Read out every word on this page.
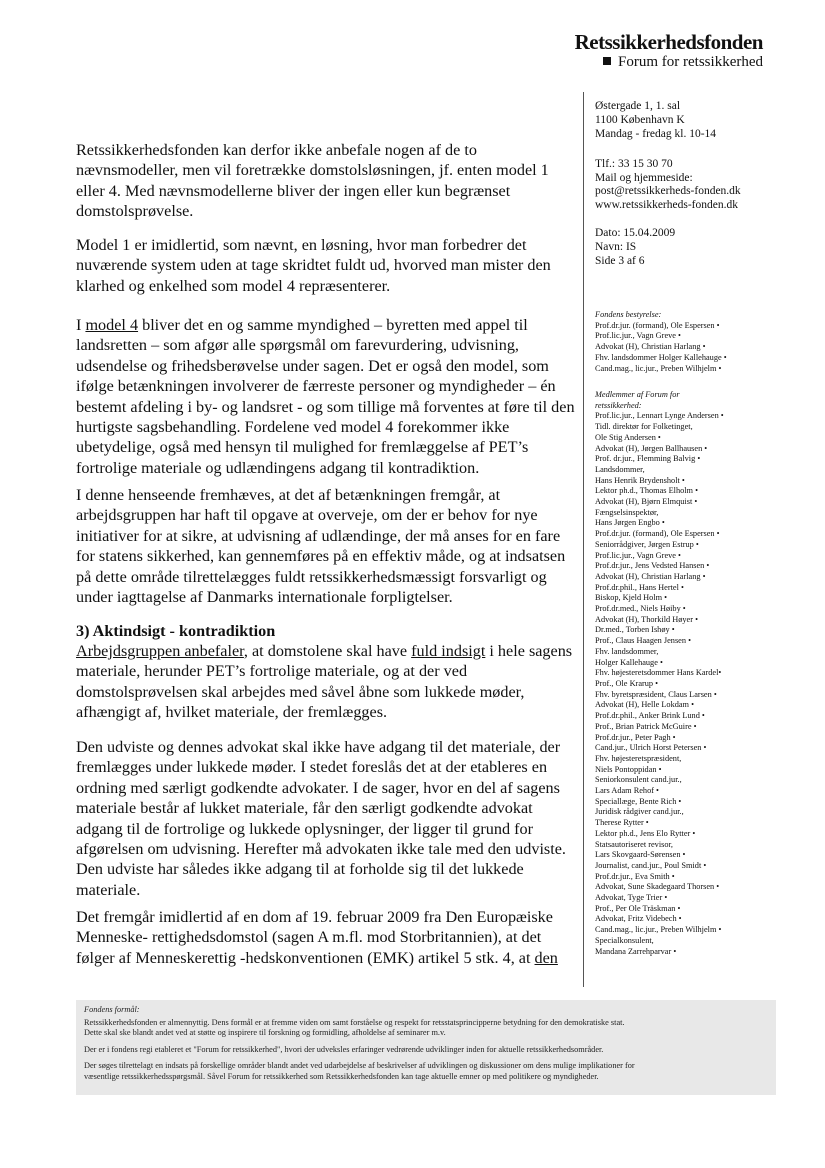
Retssikkerhedsfonden
Forum for retssikkerhed
Østergade 1, 1. sal
1100 København K
Mandag - fredag kl. 10-14
Tlf.: 33 15 30 70
Mail og hjemmeside:
post@retssikkerheds-fonden.dk
www.retssikkerheds-fonden.dk
Dato: 15.04.2009
Navn: IS
Side 3 af 6
Fondens bestyrelse:
Prof.dr.jur. (formand), Ole Espersen •
Prof.lic.jur., Vagn Greve •
Advokat (H), Christian Harlang •
Fhv. landsdommer Holger Kallehauge •
Cand.mag., lic.jur., Preben Wilhjelm •
Medlemmer af Forum for
retssikkerhed:
Prof.lic.jur., Lennart Lynge Andersen •
Tidl. direktør for Folketinget,
Ole Stig Andersen •
Advokat (H), Jørgen Ballhausen •
Prof. dr.jur., Flemming Balvig •
Landsdommer,
Hans Henrik Brydensholt •
Lektor ph.d., Thomas Elholm •
Advokat (H), Bjørn Elmquist •
Fængselsinspektør,
Hans Jørgen Engbo •
Prof.dr.jur. (formand), Ole Espersen •
Seniorrådgiver, Jørgen Estrup •
Prof.lic.jur., Vagn Greve •
Prof.dr.jur., Jens Vedsted Hansen •
Advokat (H), Christian Harlang •
Prof.dr.phil., Hans Hertel •
Biskop, Kjeld Holm •
Prof.dr.med., Niels Høiby •
Advokat (H), Thorkild Høyer •
Dr.med., Torben Ishøy •
Prof., Claus Haagen Jensen •
Fhv. landsdommer,
Holger Kallehauge •
Fhv. højesteretsdommer Hans Kardel•
Prof., Ole Krarup •
Fhv. byretspræsident, Claus Larsen •
Advokat (H), Helle Lokdam •
Prof.dr.phil., Anker Brink Lund •
Prof., Brian Patrick McGuire •
Prof.dr.jur., Peter Pagh •
Cand.jur., Ulrich Horst Petersen •
Fhv. højesteretspræsident,
Niels Pontoppidan •
Seniorkonsulent cand.jur.,
Lars Adam Rehof •
Speciallæge, Bente Rich •
Juridisk rådgiver cand.jur.,
Therese Rytter •
Lektor ph.d., Jens Elo Rytter •
Statsautoriseret revisor,
Lars Skovgaard-Sørensen •
Journalist, cand.jur., Poul Smidt •
Prof.dr.jur., Eva Smith •
Advokat, Sune Skadegaard Thorsen •
Advokat, Tyge Trier •
Prof., Per Ole Träskman •
Advokat, Fritz Videbech •
Cand.mag., lic.jur., Preben Wilhjelm •
Specialkonsulent,
Mandana Zarrehparvar •

Retssikkerhedsfonden kan derfor ikke anbefale nogen af de to nævnsmodeller, men vil foretrække domstolsløsningen, jf. enten model 1 eller 4. Med nævnsmodellerne bliver der ingen eller kun begrænset domstolsprøvelse.

Model 1 er imidlertid, som nævnt, en løsning, hvor man forbedrer det nuværende system uden at tage skridtet fuldt ud, hvorved man mister den klarhed og enkelhed som model 4 repræsenterer.

I model 4 bliver det en og samme myndighed – byretten med appel til landsretten – som afgør alle spørgsmål om farevurdering, udvisning, udsendelse og frihedsberøvelse under sagen. Det er også den model, som ifølge betænkningen involverer de færreste personer og myndigheder – én bestemt afdeling i by- og landsret - og som tillige må forventes at føre til den hurtigste sagsbehandling. Fordelene ved model 4 forekommer ikke ubetydelige, også med hensyn til mulighed for fremlæggelse af PET’s fortrolige materiale og udlændingens adgang til kontradiktion.

I denne henseende fremhæves, at det af betænkningen fremgår, at arbejdsgruppen har haft til opgave at overveje, om der er behov for nye initiativer for at sikre, at udvisning af udlændinge, der må anses for en fare for statens sikkerhed, kan gennemføres på en effektiv måde, og at indsatsen på dette område tilrettelægges fuldt retssikkerhedsmæssigt forsvarligt og under iagttagelse af Danmarks internationale forpligtelser.

3) Aktindsigt - kontradiktion

Arbejdsgruppen anbefaler, at domstolene skal have fuld indsigt i hele sagens materiale, herunder PET’s fortrolige materiale, og at der ved domstolsprøvelsen skal arbejdes med såvel åbne som lukkede møder, afhængigt af, hvilket materiale, der fremlægges.

Den udviste og dennes advokat skal ikke have adgang til det materiale, der fremlægges under lukkede møder. I stedet foreslås det at der etableres en ordning med særligt godkendte advokater. I de sager, hvor en del af sagens materiale består af lukket materiale, får den særligt godkendte advokat adgang til de fortrolige og lukkede oplysninger, der ligger til grund for afgørelsen om udvisning. Herefter må advokaten ikke tale med den udviste. Den udviste har således ikke adgang til at forholde sig til det lukkede materiale.

Det fremgår imidlertid af en dom af 19. februar 2009 fra Den Europæiske Menneske- rettighedsdomstol (sagen A m.fl. mod Storbritannien), at det følger af Menneskerettig -hedskonventionen (EMK) artikel 5 stk. 4, at den

Fondens formål:
Retssikkerhedsfonden er almennyttig. Dens formål er at fremme viden om samt forståelse og respekt for retsstatsprincipperne betydning for den demokratiske stat.
Dette skal ske blandt andet ved at støtte og inspirere til forskning og formidling, afholdelse af seminarer m.v.
Der er i fondens regi etableret et "Forum for retssikkerhed", hvori der udveksles erfaringer vedrørende udviklinger inden for aktuelle retssikkerhedsområder.
Der søges tilrettelagt en indsats på forskellige områder blandt andet ved udarbejdelse af beskrivelser af udviklingen og diskussioner om dens mulige implikationer for
væsentlige retssikkerhedsspørgsmål. Såvel Forum for retssikkerhed som Retssikkerhedsfonden kan tage aktuelle emner op med politikere og myndigheder.
